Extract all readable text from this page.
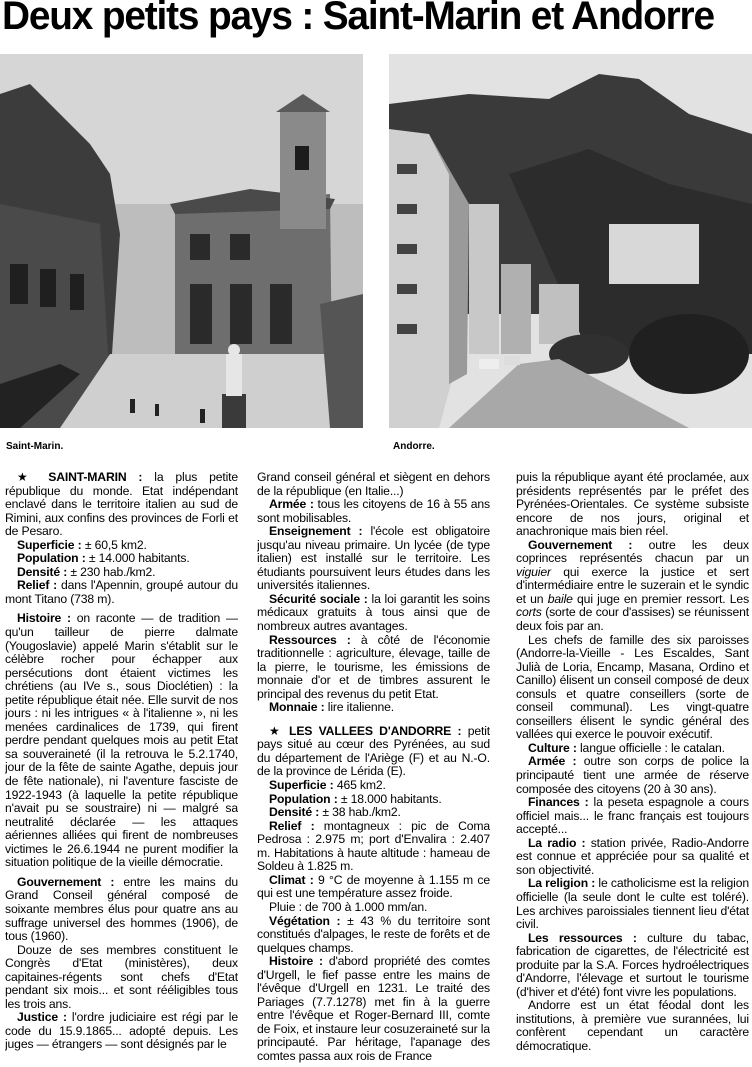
Deux petits pays : Saint-Marin et Andorre
Saint-Marin.	Andorre.

★ SAINT-MARIN : la plus petite république du monde. Etat indépendant enclavé dans le territoire italien au sud de Rimini, aux confins des provinces de Forli et de Pesaro.

Superficie : ± 60,5 km2.

Population : ± 14.000 habitants.

Densité : ± 230 hab./km2.

Relief : dans l'Apennin, groupé autour du mont Titano (738 m).

Histoire : on raconte — de tradition — qu'un tailleur de pierre dalmate (Yougoslavie) appelé Marin s'établit sur le célèbre rocher pour échapper aux persécutions dont étaient victimes les chrétiens (au IVe s., sous Dioclétien) : la petite république était née. Elle survit de nos jours : ni les intrigues « à l'italienne », ni les menées cardinalices de 1739, qui firent perdre pendant quelques mois au petit Etat sa souveraineté (il la retrouva le 5.2.1740, jour de la fête de sainte Agathe, depuis jour de fête nationale), ni l'aventure fasciste de 1922-1943 (à laquelle la petite république n'avait pu se soustraire) ni — malgré sa neutralité déclarée — les attaques aériennes alliées qui firent de nombreuses victimes le 26.6.1944 ne purent modifier la situation politique de la vieille démocratie.

Gouvernement : entre les mains du Grand Conseil général composé de soixante membres élus pour quatre ans au suffrage universel des hommes (1906), de tous (1960).

Douze de ses membres constituent le Congrès d'Etat (ministères), deux capitaines-régents sont chefs d'Etat pendant six mois... et sont rééligibles tous les trois ans.

Justice : l'ordre judiciaire est régi par le code du 15.9.1865... adopté depuis. Les juges — étrangers — sont désignés par le

Grand conseil général et siègent en dehors de la république (en Italie...)

Armée : tous les citoyens de 16 à 55 ans sont mobilisables.

Enseignement : l'école est obligatoire jusqu'au niveau primaire. Un lycée (de type italien) est installé sur le territoire. Les étudiants poursuivent leurs études dans les universités italiennes.

Sécurité sociale : la loi garantit les soins médicaux gratuits à tous ainsi que de nombreux autres avantages.

Ressources : à côté de l'économie traditionnelle : agriculture, élevage, taille de la pierre, le tourisme, les émissions de monnaie d'or et de timbres assurent le principal des revenus du petit Etat.

Monnaie : lire italienne.

★ LES VALLEES D'ANDORRE : petit pays situé au cœur des Pyrénées, au sud du département de l'Ariège (F) et au N.-O. de la province de Lérida (E).

Superficie : 465 km2.

Population : ± 18.000 habitants.

Densité : ± 38 hab./km2.

Relief : montagneux : pic de Coma Pedrosa : 2.975 m; port d'Envalira : 2.407 m. Habitations à haute altitude : hameau de Soldeu à 1.825 m.

Climat : 9 °C de moyenne à 1.155 m ce qui est une température assez froide.

Pluie : de 700 à 1.000 mm/an.

Végétation : ± 43 % du territoire sont constitués d'alpages, le reste de forêts et de quelques champs.

Histoire : d'abord propriété des comtes d'Urgell, le fief passe entre les mains de l'évêque d'Urgell en 1231. Le traité des Pariages (7.7.1278) met fin à la guerre entre l'évêque et Roger-Bernard III, comte de Foix, et instaure leur cosuzeraineté sur la principauté. Par héritage, l'apanage des comtes passa aux rois de France

puis la république ayant été proclamée, aux présidents représentés par le préfet des Pyrénées-Orientales. Ce système subsiste encore de nos jours, original et anachronique mais bien réel.

Gouvernement : outre les deux coprinces représentés chacun par un viguier qui exerce la justice et sert d'intermédiaire entre le suzerain et le syndic et un baile qui juge en premier ressort. Les corts (sorte de cour d'assises) se réunissent deux fois par an.

Les chefs de famille des six paroisses (Andorre-la-Vieille - Les Escaldes, Sant Julià de Loria, Encamp, Masana, Ordino et Canillo) élisent un conseil composé de deux consuls et quatre conseillers (sorte de conseil communal). Les vingt-quatre conseillers élisent le syndic général des vallées qui exerce le pouvoir exécutif.

Culture : langue officielle : le catalan.

Armée : outre son corps de police la principauté tient une armée de réserve composée des citoyens (20 à 30 ans).

Finances : la peseta espagnole a cours officiel mais... le franc français est toujours accepté...

La radio : station privée, Radio-Andorre est connue et appréciée pour sa qualité et son objectivité.

La religion : le catholicisme est la religion officielle (la seule dont le culte est toléré). Les archives paroissiales tiennent lieu d'état civil.

Les ressources : culture du tabac, fabrication de cigarettes, de l'électricité est produite par la S.A. Forces hydroélectriques d'Andorre, l'élevage et surtout le tourisme (d'hiver et d'été) font vivre les populations.

Andorre est un état féodal dont les institutions, à première vue surannées, lui confèrent cependant un caractère démocratique.
